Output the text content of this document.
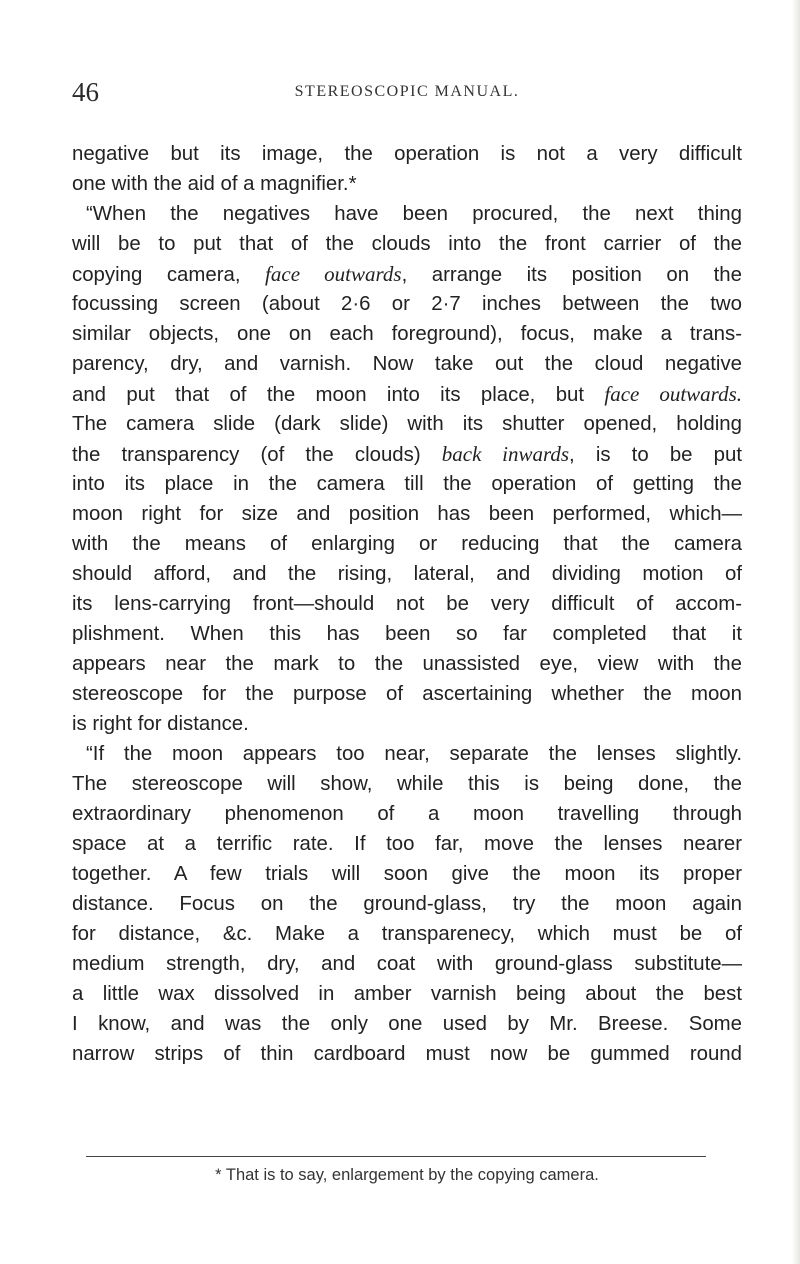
46	STEREOSCOPIC MANUAL.
negative but its image, the operation is not a very difficult
one with the aid of a magnifier.*
“When the negatives have been procured, the next thing
will be to put that of the clouds into the front carrier of the
copying camera, face outwards, arrange its position on the
focussing screen (about 2·6 or 2·7 inches between the two
similar objects, one on each foreground), focus, make a trans-
parency, dry, and varnish. Now take out the cloud negative
and put that of the moon into its place, but face outwards.
The camera slide (dark slide) with its shutter opened, holding
the transparency (of the clouds) back inwards, is to be put
into its place in the camera till the operation of getting the
moon right for size and position has been performed, which—
with the means of enlarging or reducing that the camera
should afford, and the rising, lateral, and dividing motion of
its lens-carrying front—should not be very difficult of accom-
plishment. When this has been so far completed that it
appears near the mark to the unassisted eye, view with the
stereoscope for the purpose of ascertaining whether the moon
is right for distance.
“If the moon appears too near, separate the lenses slightly.
The stereoscope will show, while this is being done, the
extraordinary phenomenon of a moon travelling through
space at a terrific rate. If too far, move the lenses nearer
together. A few trials will soon give the moon its proper
distance. Focus on the ground-glass, try the moon again
for distance, &c. Make a transparenecy, which must be of
medium strength, dry, and coat with ground-glass substitute—
a little wax dissolved in amber varnish being about the best
I know, and was the only one used by Mr. Breese. Some
narrow strips of thin cardboard must now be gummed round
* That is to say, enlargement by the copying camera.
